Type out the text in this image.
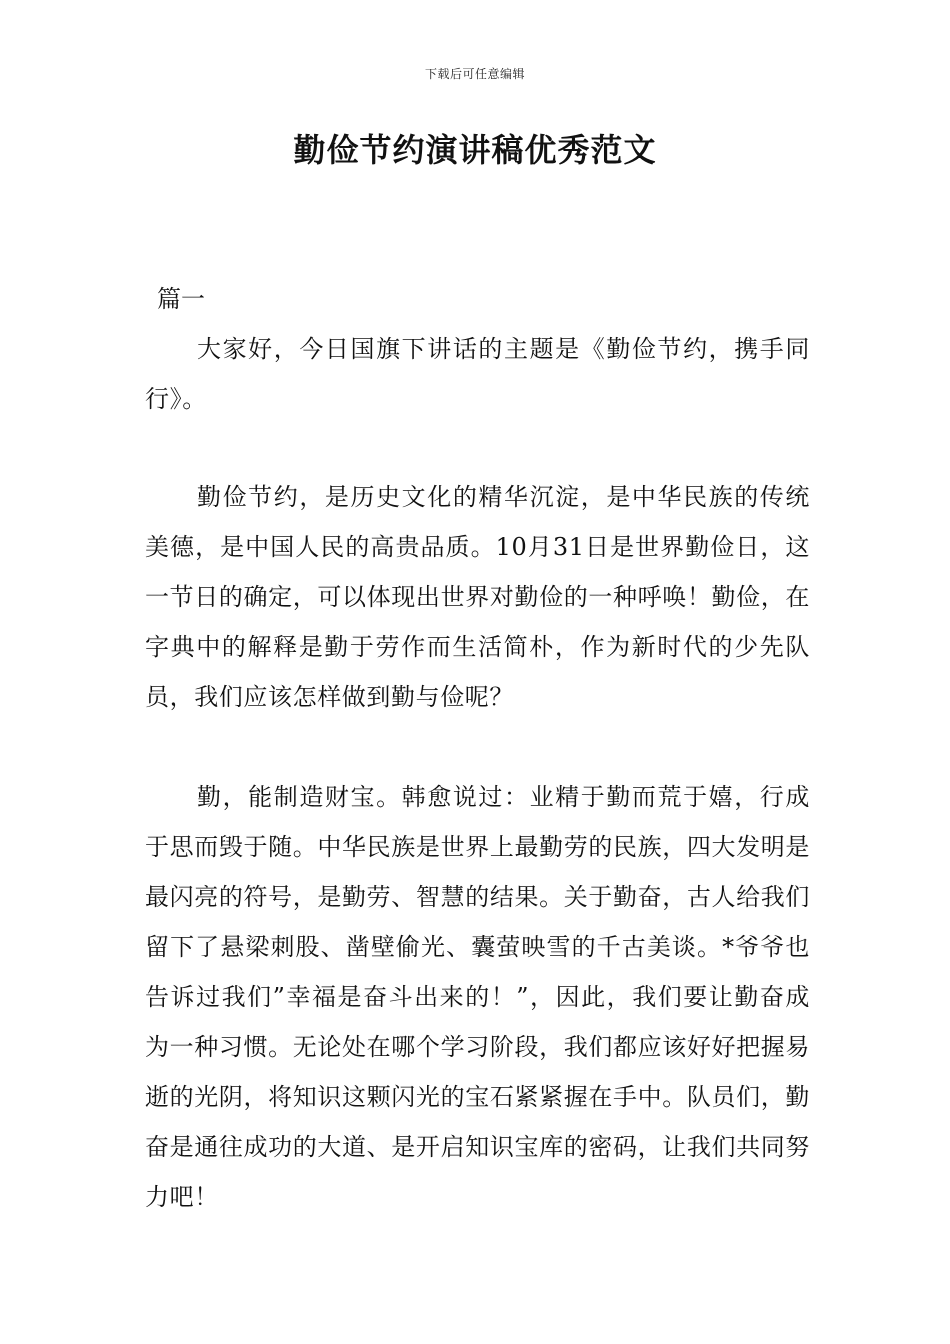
下载后可任意编辑
勤俭节约演讲稿优秀范文
篇一

大家好，今日国旗下讲话的主题是《勤俭节约，携手同行》。

勤俭节约，是历史文化的精华沉淀，是中华民族的传统美德，是中国人民的高贵品质。10月31日是世界勤俭日，这一节日的确定，可以体现出世界对勤俭的一种呼唤！勤俭，在字典中的解释是勤于劳作而生活简朴，作为新时代的少先队员，我们应该怎样做到勤与俭呢？

勤，能制造财宝。韩愈说过：业精于勤而荒于嬉，行成于思而毁于随。中华民族是世界上最勤劳的民族，四大发明是最闪亮的符号，是勤劳、智慧的结果。关于勤奋，古人给我们留下了悬梁刺股、凿壁偷光、囊萤映雪的千古美谈。*爷爷也告诉过我们”幸福是奋斗出来的！”，因此，我们要让勤奋成为一种习惯。无论处在哪个学习阶段，我们都应该好好把握易逝的光阴，将知识这颗闪光的宝石紧紧握在手中。队员们，勤奋是通往成功的大道、是开启知识宝库的密码，让我们共同努力吧！
